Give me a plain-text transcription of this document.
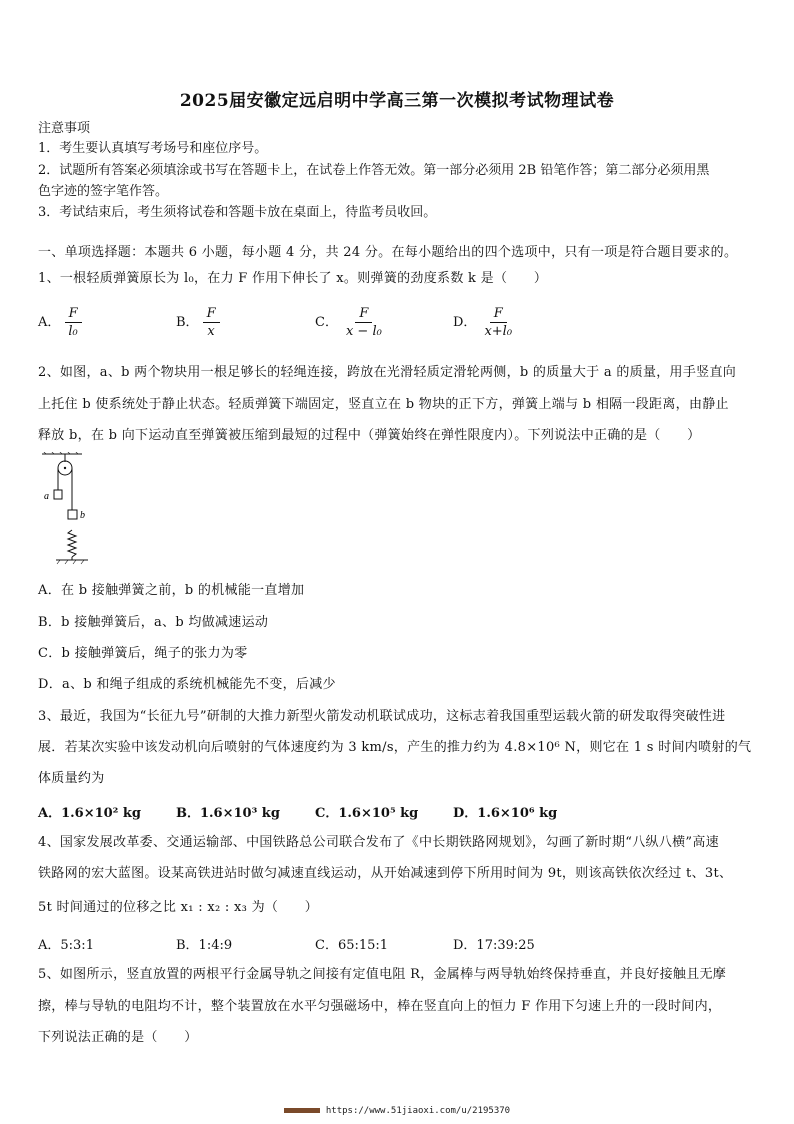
2025届安徽定远启明中学高三第一次模拟考试物理试卷
注意事项
1．考生要认真填写考场号和座位序号。
2．试题所有答案必须填涂或书写在答题卡上，在试卷上作答无效。第一部分必须用 2B 铅笔作答；第二部分必须用黑
色字迹的签字笔作答。
3．考试结束后，考生须将试卷和答题卡放在桌面上，待监考员收回。
一、单项选择题：本题共 6 小题，每小题 4 分，共 24 分。在每小题给出的四个选项中，只有一项是符合题目要求的。
1、一根轻质弹簧原长为 l₀，在力 F 作用下伸长了 x。则弹簧的劲度系数 k 是（　　）
A． $\frac{F}{\text{l₀}}$	B． $\frac{F}{x}$	C． $\frac{F}{\text{x − l₀}}$	D． $\frac{F}{\text{x+l₀}}$
2、如图，a、b 两个物块用一根足够长的轻绳连接，跨放在光滑轻质定滑轮两侧，b 的质量大于 a 的质量，用手竖直向
上托住 b 使系统处于静止状态。轻质弹簧下端固定，竖直立在 b 物块的正下方，弹簧上端与 b 相隔一段距离，由静止
释放 b，在 b 向下运动直至弹簧被压缩到最短的过程中（弹簧始终在弹性限度内）。下列说法中正确的是（　　）
a
b
A．在 b 接触弹簧之前，b 的机械能一直增加
B．b 接触弹簧后，a、b 均做减速运动
C．b 接触弹簧后，绳子的张力为零
D．a、b 和绳子组成的系统机械能先不变，后减少
3、最近，我国为“长征九号”研制的大推力新型火箭发动机联试成功，这标志着我国重型运载火箭的研发取得突破性进
展．若某次实验中该发动机向后喷射的气体速度约为 3 km/s，产生的推力约为 4.8×10⁶ N，则它在 1 s 时间内喷射的气
体质量约为
A．1.6×10² kg	B．1.6×10³ kg	C．1.6×10⁵ kg	D．1.6×10⁶ kg
4、国家发展改革委、交通运输部、中国铁路总公司联合发布了《中长期铁路网规划》，勾画了新时期“八纵八横”高速
铁路网的宏大蓝图。设某高铁进站时做匀减速直线运动，从开始减速到停下所用时间为 9t，则该高铁依次经过 t、3t、
5t 时间通过的位移之比 x₁ : x₂ : x₃ 为（　　）
A．5:3:1	B．1:4:9	C．65:15:1	D．17:39:25
5、如图所示，竖直放置的两根平行金属导轨之间接有定值电阻 R，金属棒与两导轨始终保持垂直，并良好接触且无摩
擦，棒与导轨的电阻均不计，整个装置放在水平匀强磁场中，棒在竖直向上的恒力 F 作用下匀速上升的一段时间内，
下列说法正确的是（　　）
https://www.51jiaoxi.com/u/2195370
